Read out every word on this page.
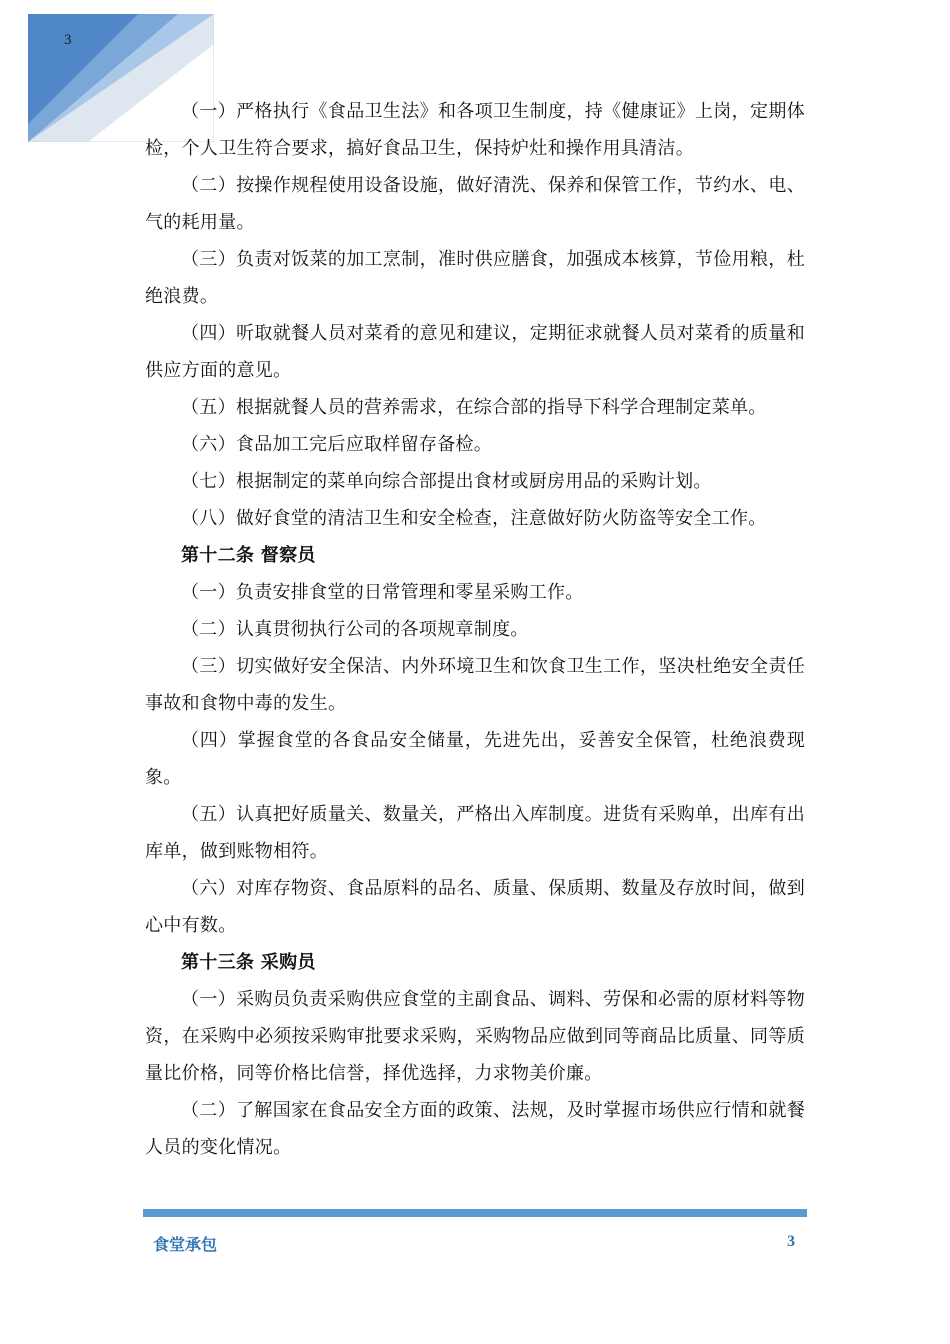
3

（一）严格执行《食品卫生法》和各项卫生制度，持《健康证》上岗，定期体检，个人卫生符合要求，搞好食品卫生，保持炉灶和操作用具清洁。

（二）按操作规程使用设备设施，做好清洗、保养和保管工作，节约水、电、气的耗用量。

（三）负责对饭菜的加工烹制，准时供应膳食，加强成本核算，节俭用粮，杜绝浪费。

（四）听取就餐人员对菜肴的意见和建议，定期征求就餐人员对菜肴的质量和供应方面的意见。

（五）根据就餐人员的营养需求，在综合部的指导下科学合理制定菜单。

（六）食品加工完后应取样留存备检。

（七）根据制定的菜单向综合部提出食材或厨房用品的采购计划。

（八）做好食堂的清洁卫生和安全检查，注意做好防火防盗等安全工作。

第十二条 督察员

（一）负责安排食堂的日常管理和零星采购工作。

（二）认真贯彻执行公司的各项规章制度。

（三）切实做好安全保洁、内外环境卫生和饮食卫生工作，坚决杜绝安全责任事故和食物中毒的发生。

（四）掌握食堂的各食品安全储量，先进先出，妥善安全保管，杜绝浪费现象。

（五）认真把好质量关、数量关，严格出入库制度。进货有采购单，出库有出库单，做到账物相符。

（六）对库存物资、食品原料的品名、质量、保质期、数量及存放时间，做到心中有数。

第十三条 采购员

（一）采购员负责采购供应食堂的主副食品、调料、劳保和必需的原材料等物资，在采购中必须按采购审批要求采购，采购物品应做到同等商品比质量、同等质量比价格，同等价格比信誉，择优选择，力求物美价廉。

（二）了解国家在食品安全方面的政策、法规，及时掌握市场供应行情和就餐人员的变化情况。

食堂承包	3
